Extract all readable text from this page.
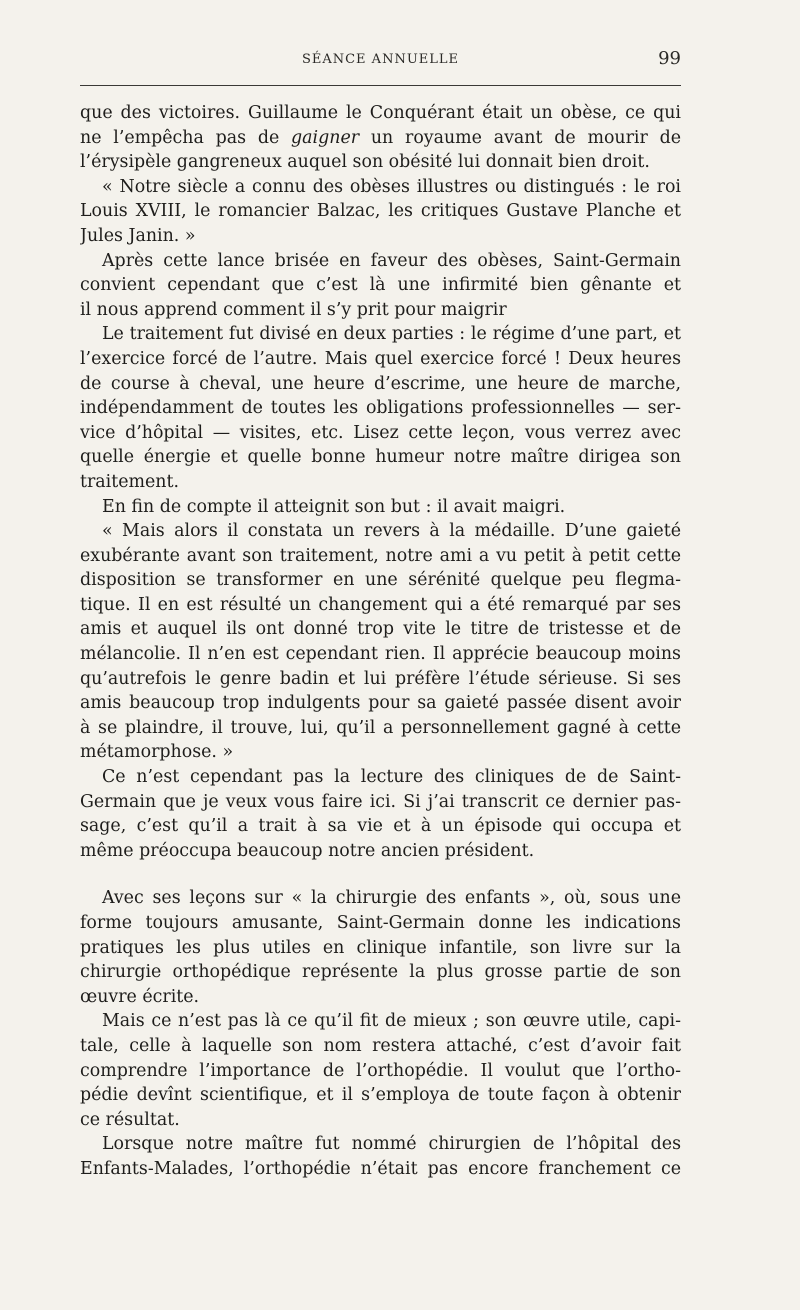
SÉANCE ANNUELLE	99
que des victoires. Guillaume le Conquérant était un obèse, ce qui
ne l’empêcha pas de gaigner un royaume avant de mourir de
l’érysipèle gangreneux auquel son obésité lui donnait bien droit.
« Notre siècle a connu des obèses illustres ou distingués : le roi
Louis XVIII, le romancier Balzac, les critiques Gustave Planche et
Jules Janin. »
Après cette lance brisée en faveur des obèses, Saint-Germain
convient cependant que c’est là une infirmité bien gênante et
il nous apprend comment il s’y prit pour maigrir
Le traitement fut divisé en deux parties : le régime d’une part, et
l’exercice forcé de l’autre. Mais quel exercice forcé ! Deux heures
de course à cheval, une heure d’escrime, une heure de marche,
indépendamment de toutes les obligations professionnelles — ser-
vice d’hôpital — visites, etc. Lisez cette leçon, vous verrez avec
quelle énergie et quelle bonne humeur notre maître dirigea son
traitement.
En fin de compte il atteignit son but : il avait maigri.
« Mais alors il constata un revers à la médaille. D’une gaieté
exubérante avant son traitement, notre ami a vu petit à petit cette
disposition se transformer en une sérénité quelque peu flegma-
tique. Il en est résulté un changement qui a été remarqué par ses
amis et auquel ils ont donné trop vite le titre de tristesse et de
mélancolie. Il n’en est cependant rien. Il apprécie beaucoup moins
qu’autrefois le genre badin et lui préfère l’étude sérieuse. Si ses
amis beaucoup trop indulgents pour sa gaieté passée disent avoir
à se plaindre, il trouve, lui, qu’il a personnellement gagné à cette
métamorphose. »
Ce n’est cependant pas la lecture des cliniques de de Saint-
Germain que je veux vous faire ici. Si j’ai transcrit ce dernier pas-
sage, c’est qu’il a trait à sa vie et à un épisode qui occupa et
même préoccupa beaucoup notre ancien président.
Avec ses leçons sur « la chirurgie des enfants », où, sous une
forme toujours amusante, Saint-Germain donne les indications
pratiques les plus utiles en clinique infantile, son livre sur la
chirurgie orthopédique représente la plus grosse partie de son
œuvre écrite.
Mais ce n’est pas là ce qu’il fit de mieux ; son œuvre utile, capi-
tale, celle à laquelle son nom restera attaché, c’est d’avoir fait
comprendre l’importance de l’orthopédie. Il voulut que l’ortho-
pédie devînt scientifique, et il s’employa de toute façon à obtenir
ce résultat.
Lorsque notre maître fut nommé chirurgien de l’hôpital des
Enfants-Malades, l’orthopédie n’était pas encore franchement ce
